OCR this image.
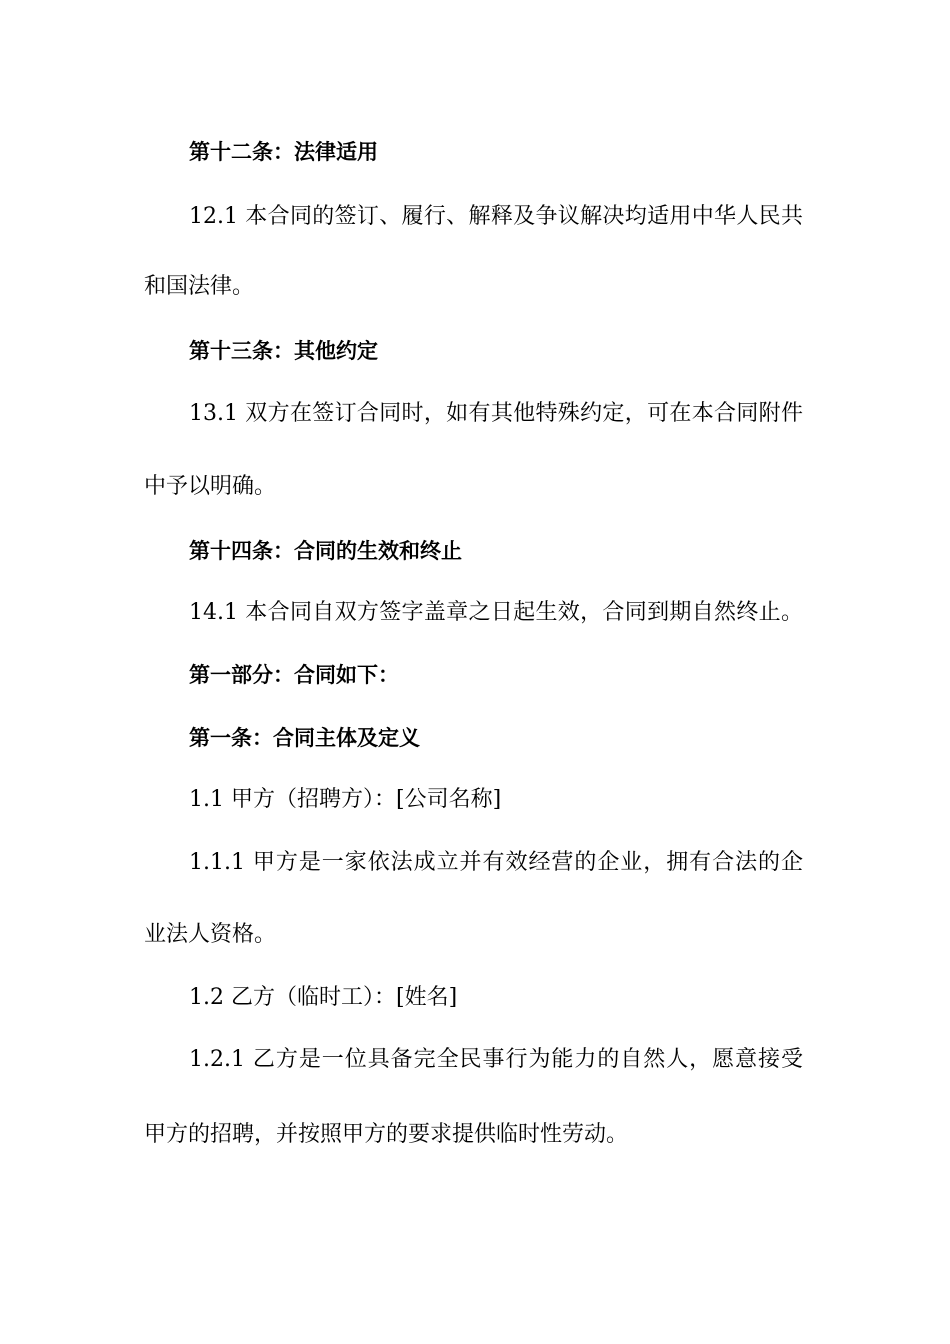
第十二条：法律适用

12.1 本合同的签订、履行、解释及争议解决均适用中华人民共

和国法律。

第十三条：其他约定

13.1 双方在签订合同时，如有其他特殊约定，可在本合同附件

中予以明确。

第十四条：合同的生效和终止

14.1 本合同自双方签字盖章之日起生效，合同到期自然终止。

第一部分：合同如下：
第一条：合同主体及定义

1.1 甲方（招聘方）：[公司名称]

1.1.1 甲方是一家依法成立并有效经营的企业，拥有合法的企

业法人资格。

1.2 乙方（临时工）：[姓名]

1.2.1 乙方是一位具备完全民事行为能力的自然人，愿意接受

甲方的招聘，并按照甲方的要求提供临时性劳动。
